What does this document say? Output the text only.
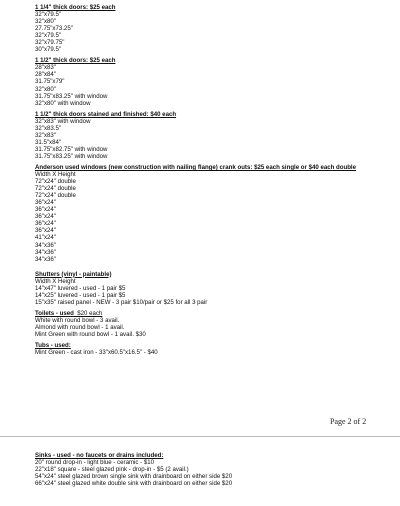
1 1/4" thick doors: $25 each
32"x79.5"
32"x80"
27.75"x73.25"
32"x79.5"
32"x79.75"
30"x79.5"
1 1/2" thick doors: $25 each
28"x83"
28"x84"
31.75"x79"
32"x80"
31.75"x83.25" with window
32"x80" with window
1 1/2" thick doors stained and finished: $40 each
32"x83" with window
32"x83.5"
32"x83"
31.5"x84"
31.75"x82.75" with window
31.75"x83.25" with window
Anderson used windows (new construction with nailing flange) crank outs: $25 each single or $40 each double
Width X Height
72"x24" double
72"x24" double
72"x24" double
36"x24"
36"x24"
36"x24"
36"x24"
36"x24"
41"x24"
34"x36"
34"x36"
34"x36"
Shutters (vinyl - paintable)
Width X Height
14"x47" luvered - used - 1 pair $5
14"x25" luvered - used - 1 pair $5
15"x35" raised panel - NEW - 3 pair $10/pair or $25 for all 3 pair
Toilets - used  $20 each
White with round bowl - 3 avail.
Almond with round bowl - 1 avail.
Mint Green with round bowl - 1 avail. $30
Tubs - used:
Mint Green - cast iron - 33"x60.5"x16.5" - $40
Page 2 of 2
Sinks - used - no faucets or drains included:
20" round drop-in - light blue - ceramic - $10
22"x18" square - steel glazed pink - drop-in - $5 (2 avail.)
54"x24" steel glazed brown single sink with drainboard on either side $20
66"x24" steel glazed white double sink with drainboard on either side $20
